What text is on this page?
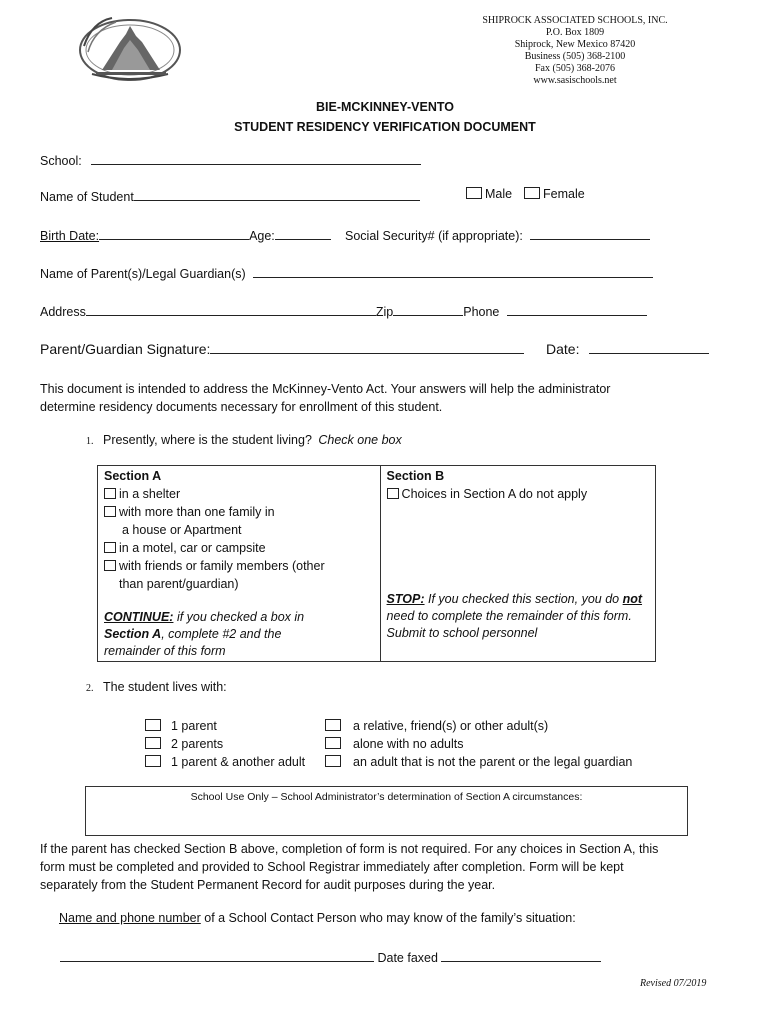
SHIPROCK ASSOCIATED SCHOOLS, INC.
P.O. Box 1809
Shiprock, New Mexico 87420
Business (505) 368-2100
Fax (505) 368-2076
www.sasischools.net
BIE-MCKINNEY-VENTO
STUDENT RESIDENCY VERIFICATION DOCUMENT
School:
Name of Student	Male	Female
Birth Date:	Age:	Social Security# (if appropriate):
Name of Parent(s)/Legal Guardian(s)
Address	Zip	Phone
Parent/Guardian Signature:	Date:
This document is intended to address the McKinney-Vento Act. Your answers will help the administrator
determine residency documents necessary for enrollment of this student.
1. Presently, where is the student living? Check one box
Section A
in a shelter
with more than one family in
a house or Apartment
in a motel, car or campsite
with friends or family members (other
than parent/guardian)
CONTINUE: if you checked a box in
Section A, complete #2 and the
remainder of this form

Section B
Choices in Section A do not apply
STOP: If you checked this section, you do not
need to complete the remainder of this form.
Submit to school personnel
2. The student lives with:
1 parent
2 parents
1 parent & another adult
a relative, friend(s) or other adult(s)
alone with no adults
an adult that is not the parent or the legal guardian
School Use Only – School Administrator’s determination of Section A circumstances:
If the parent has checked Section B above, completion of form is not required. For any choices in Section A, this
form must be completed and provided to School Registrar immediately after completion. Form will be kept
separately from the Student Permanent Record for audit purposes during the year.
Name and phone number of a School Contact Person who may know of the family’s situation:
Date faxed
Revised 07/2019
